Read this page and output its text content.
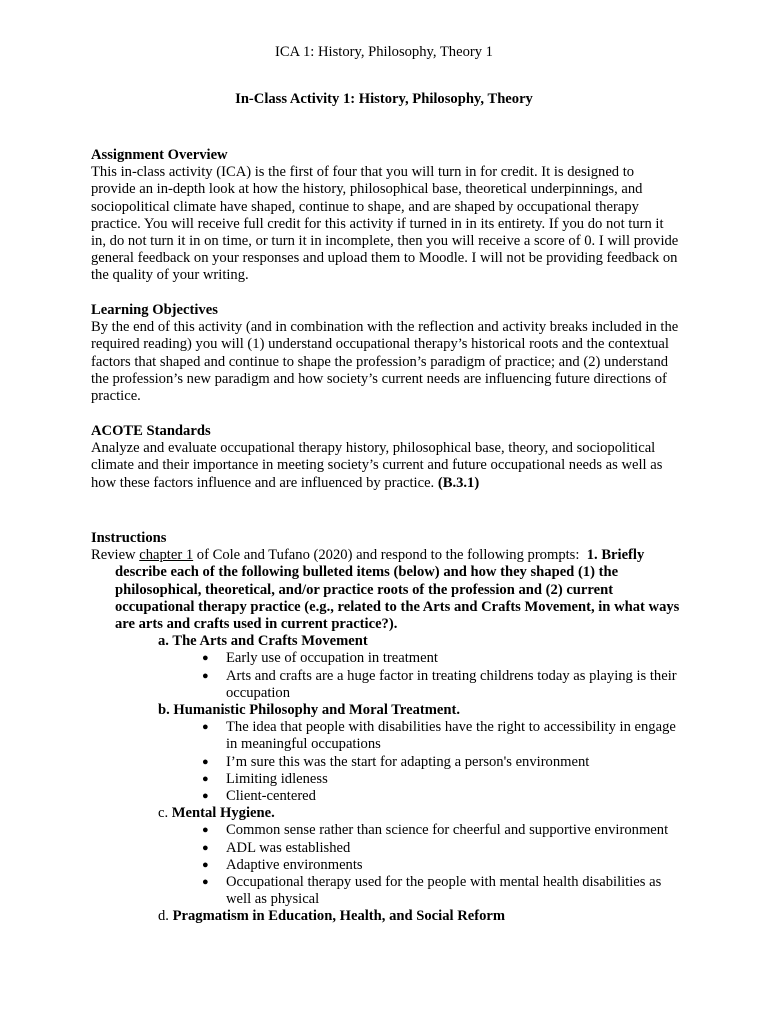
ICA 1: History, Philosophy, Theory 1
In-Class Activity 1: History, Philosophy, Theory
Assignment Overview
This in-class activity (ICA) is the first of four that you will turn in for credit. It is designed to provide an in-depth look at how the history, philosophical base, theoretical underpinnings, and sociopolitical climate have shaped, continue to shape, and are shaped by occupational therapy practice. You will receive full credit for this activity if turned in in its entirety. If you do not turn it in, do not turn it in on time, or turn it in incomplete, then you will receive a score of 0. I will provide general feedback on your responses and upload them to Moodle. I will not be providing feedback on the quality of your writing.
Learning Objectives
By the end of this activity (and in combination with the reflection and activity breaks included in the required reading) you will (1) understand occupational therapy’s historical roots and the contextual factors that shaped and continue to shape the profession’s paradigm of practice; and (2) understand the profession’s new paradigm and how society’s current needs are influencing future directions of practice.
ACOTE Standards
Analyze and evaluate occupational therapy history, philosophical base, theory, and sociopolitical climate and their importance in meeting society’s current and future occupational needs as well as how these factors influence and are influenced by practice. (B.3.1)
Instructions
Review chapter 1 of Cole and Tufano (2020) and respond to the following prompts: 1. Briefly describe each of the following bulleted items (below) and how they shaped (1) the philosophical, theoretical, and/or practice roots of the profession and (2) current occupational therapy practice (e.g., related to the Arts and Crafts Movement, in what ways are arts and crafts used in current practice?).
a. The Arts and Crafts Movement
● Early use of occupation in treatment
● Arts and crafts are a huge factor in treating childrens today as playing is their occupation
b. Humanistic Philosophy and Moral Treatment.
● The idea that people with disabilities have the right to accessibility in engage in meaningful occupations
● I’m sure this was the start for adapting a person's environment
● Limiting idleness
● Client-centered
c. Mental Hygiene.
● Common sense rather than science for cheerful and supportive environment
● ADL was established
● Adaptive environments
● Occupational therapy used for the people with mental health disabilities as well as physical
d. Pragmatism in Education, Health, and Social Reform
